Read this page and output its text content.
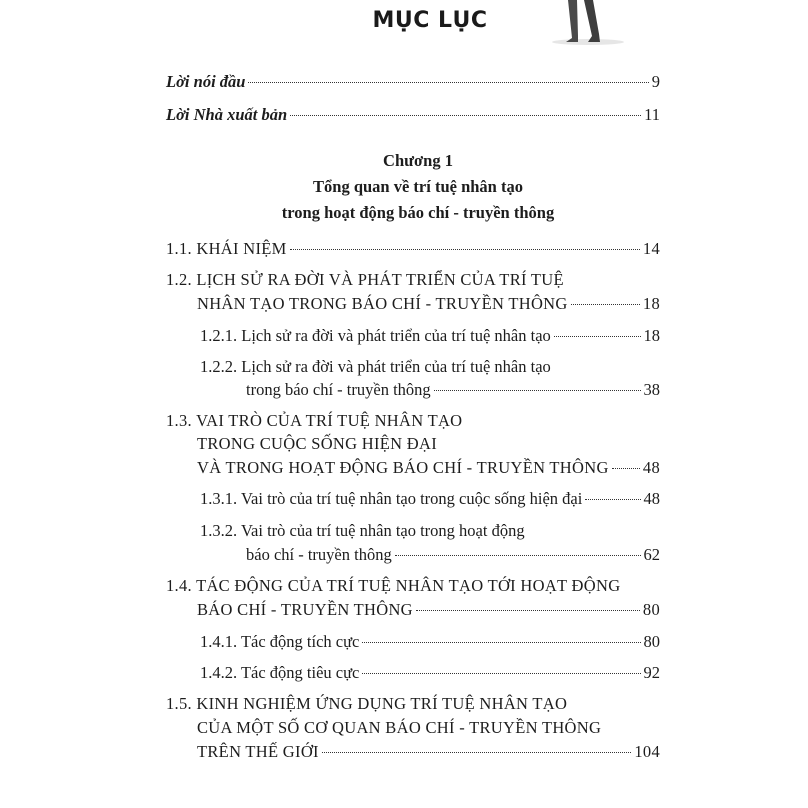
MỤC LỤC
Lời nói đầu	9
Lời Nhà xuất bản	11
Chương 1
Tổng quan về trí tuệ nhân tạo
trong hoạt động báo chí - truyền thông
1.1. KHÁI NIỆM	14
1.2. LỊCH SỬ RA ĐỜI VÀ PHÁT TRIỂN CỦA TRÍ TUỆ
NHÂN TẠO TRONG BÁO CHÍ - TRUYỀN THÔNG	18
1.2.1. Lịch sử ra đời và phát triển của trí tuệ nhân tạo	18
1.2.2. Lịch sử ra đời và phát triển của trí tuệ nhân tạo
trong báo chí - truyền thông	38
1.3. VAI TRÒ CỦA TRÍ TUỆ NHÂN TẠO
TRONG CUỘC SỐNG HIỆN ĐẠI
VÀ TRONG HOẠT ĐỘNG BÁO CHÍ - TRUYỀN THÔNG 48
1.3.1. Vai trò của trí tuệ nhân tạo trong cuộc sống hiện đại	48
1.3.2. Vai trò của trí tuệ nhân tạo trong hoạt động
báo chí - truyền thông	62
1.4. TÁC ĐỘNG CỦA TRÍ TUỆ NHÂN TẠO TỚI HOẠT ĐỘNG
BÁO CHÍ - TRUYỀN THÔNG	80
1.4.1. Tác động tích cực	80
1.4.2. Tác động tiêu cực	92
1.5. KINH NGHIỆM ỨNG DỤNG TRÍ TUỆ NHÂN TẠO
CỦA MỘT SỐ CƠ QUAN BÁO CHÍ - TRUYỀN THÔNG
TRÊN THẾ GIỚI	104
